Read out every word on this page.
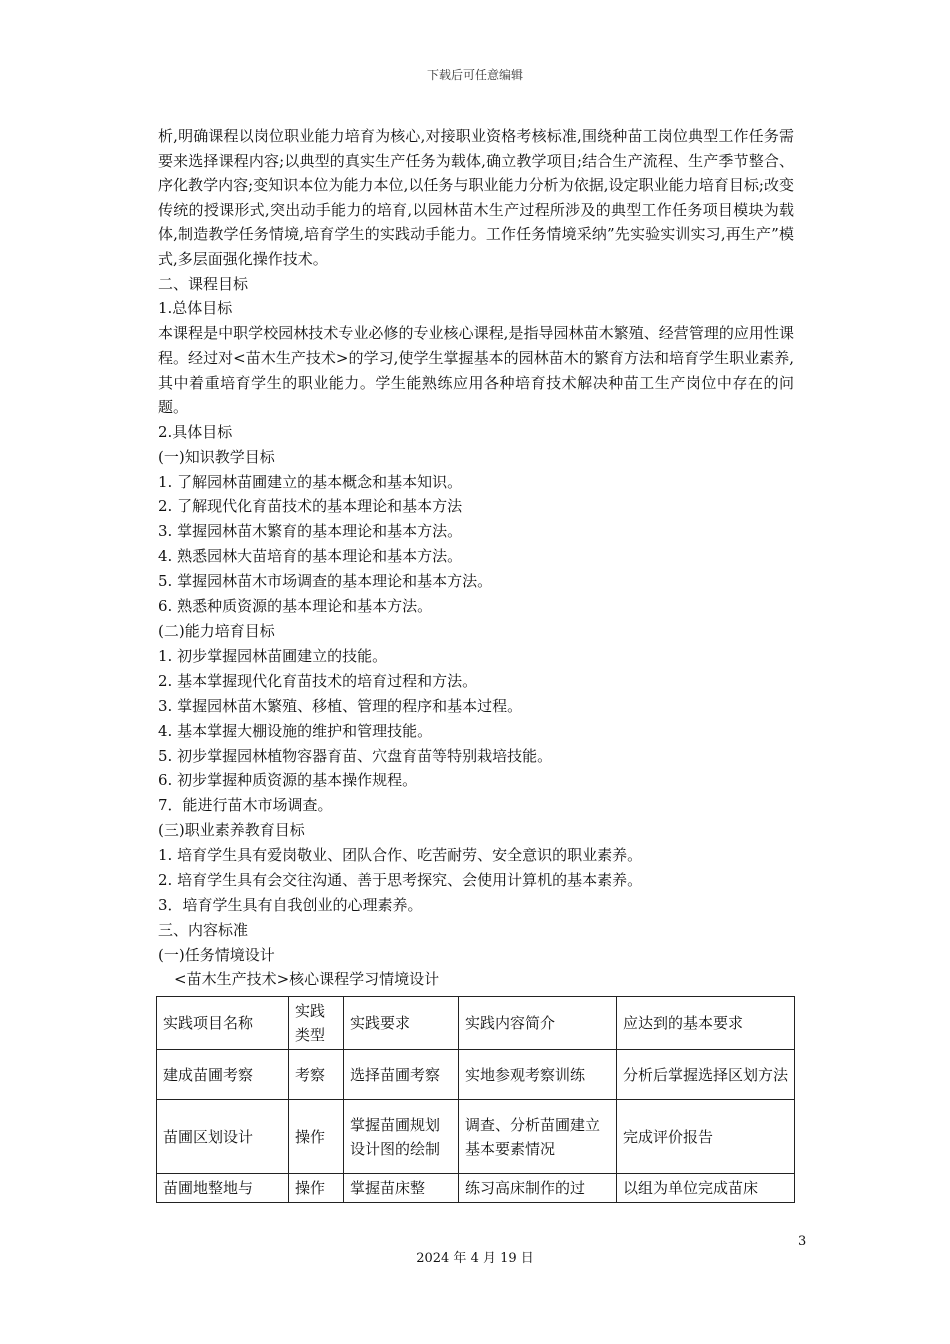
下载后可任意编辑

析,明确课程以岗位职业能力培育为核心,对接职业资格考核标准,围绕种苗工岗位典型工作任务需要来选择课程内容;以典型的真实生产任务为载体,确立教学项目;结合生产流程、生产季节整合、序化教学内容;变知识本位为能力本位,以任务与职业能力分析为依据,设定职业能力培育目标;改变传统的授课形式,突出动手能力的培育,以园林苗木生产过程所涉及的典型工作任务项目模块为载体,制造教学任务情境,培育学生的实践动手能力。工作任务情境采纳”先实验实训实习,再生产”模式,多层面强化操作技术。

二、课程目标

1.总体目标

本课程是中职学校园林技术专业必修的专业核心课程,是指导园林苗木繁殖、经营管理的应用性课程。经过对<苗木生产技术>的学习,使学生掌握基本的园林苗木的繁育方法和培育学生职业素养,其中着重培育学生的职业能力。学生能熟练应用各种培育技术解决种苗工生产岗位中存在的问题。

2.具体目标

(一)知识教学目标

1. 了解园林苗圃建立的基本概念和基本知识。

2. 了解现代化育苗技术的基本理论和基本方法

3. 掌握园林苗木繁育的基本理论和基本方法。

4. 熟悉园林大苗培育的基本理论和基本方法。

5. 掌握园林苗木市场调查的基本理论和基本方法。

6. 熟悉种质资源的基本理论和基本方法。

(二)能力培育目标

1. 初步掌握园林苗圃建立的技能。

2. 基本掌握现代化育苗技术的培育过程和方法。

3. 掌握园林苗木繁殖、移植、管理的程序和基本过程。

4. 基本掌握大棚设施的维护和管理技能。

5. 初步掌握园林植物容器育苗、穴盘育苗等特别栽培技能。

6. 初步掌握种质资源的基本操作规程。

7．能进行苗木市场调查。

(三)职业素养教育目标

1. 培育学生具有爱岗敬业、团队合作、吃苦耐劳、安全意识的职业素养。

2. 培育学生具有会交往沟通、善于思考探究、会使用计算机的基本素养。

3．培育学生具有自我创业的心理素养。

三、内容标准

(一)任务情境设计

<苗木生产技术>核心课程学习情境设计

实践项目名称	实践类型	实践要求	实践内容简介	应达到的基本要求
建成苗圃考察	考察	选择苗圃考察	实地参观考察训练	分析后掌握选择区划方法
苗圃区划设计	操作	掌握苗圃规划设计图的绘制	调查、分析苗圃建立基本要素情况	完成评价报告
苗圃地整地与	操作	掌握苗床整	练习高床制作的过	以组为单位完成苗床
3
2024 年 4 月 19 日
